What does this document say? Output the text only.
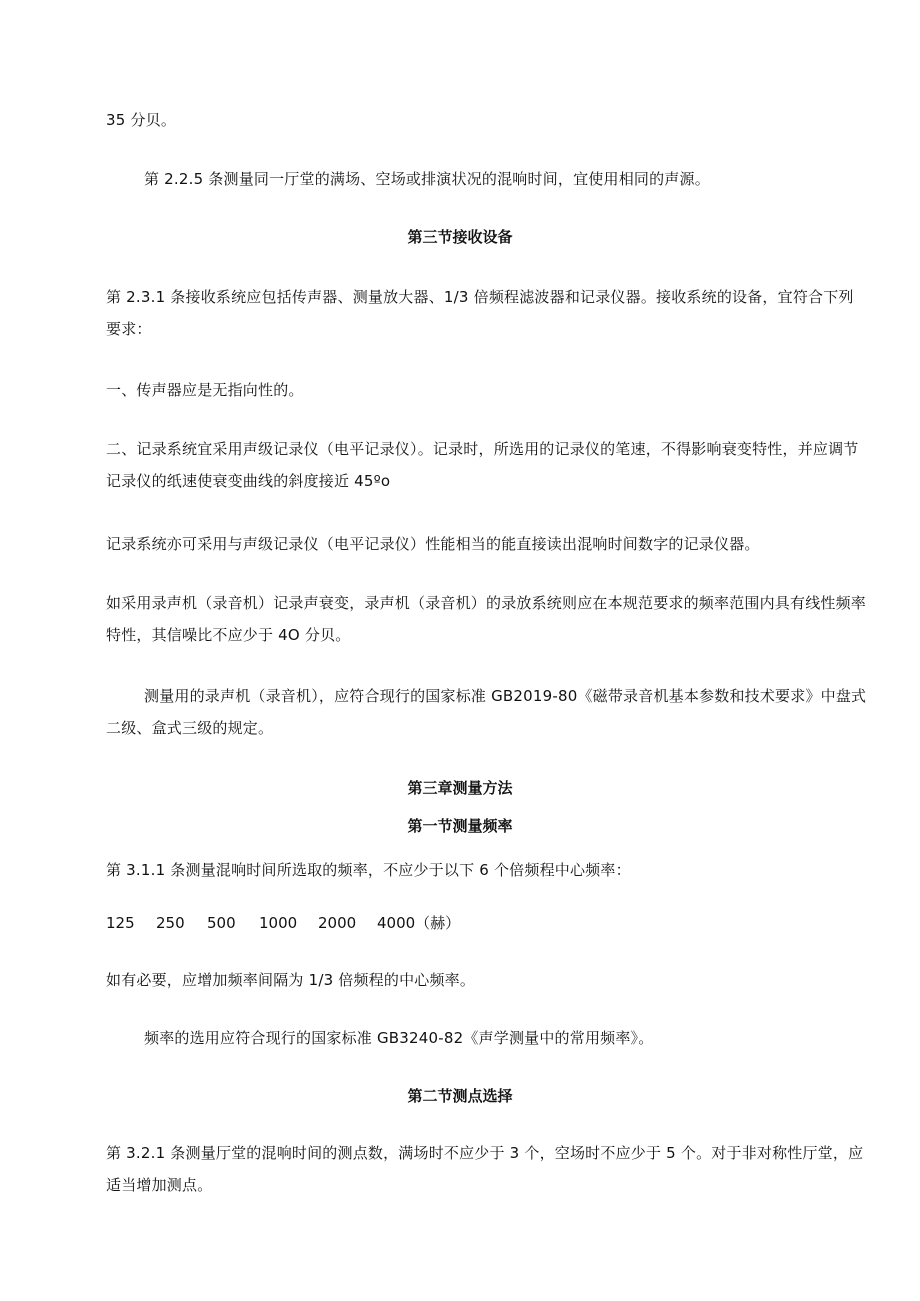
35 分贝。
第 2.2.5 条测量同一厅堂的满场、空场或排演状况的混响时间，宜使用相同的声源。
第三节接收设备
第 2.3.1 条接收系统应包括传声器、测量放大器、1/3 倍频程滤波器和记录仪器。接收系统的设备，宜符合下列要求：
一、传声器应是无指向性的。
二、记录系统宜采用声级记录仪（电平记录仪）。记录时，所选用的记录仪的笔速，不得影响衰变特性，并应调节记录仪的纸速使衰变曲线的斜度接近 45ºo
记录系统亦可采用与声级记录仪（电平记录仪）性能相当的能直接读出混响时间数字的记录仪器。
如采用录声机（录音机）记录声衰变，录声机（录音机）的录放系统则应在本规范要求的频率范围内具有线性频率特性，其信噪比不应少于 4O 分贝。
测量用的录声机（录音机），应符合现行的国家标准 GB2019-80《磁带录音机基本参数和技术要求》中盘式二级、盒式三级的规定。
第三章测量方法
第一节测量频率
第 3.1.1 条测量混响时间所选取的频率，不应少于以下 6 个倍频程中心频率：
125	250	500	1000	2000	4000（赫）
如有必要，应增加频率间隔为 1/3 倍频程的中心频率。
频率的选用应符合现行的国家标准 GB3240-82《声学测量中的常用频率》。
第二节测点选择
第 3.2.1 条测量厅堂的混响时间的测点数，满场时不应少于 3 个，空场时不应少于 5 个。对于非对称性厅堂，应适当增加测点。
